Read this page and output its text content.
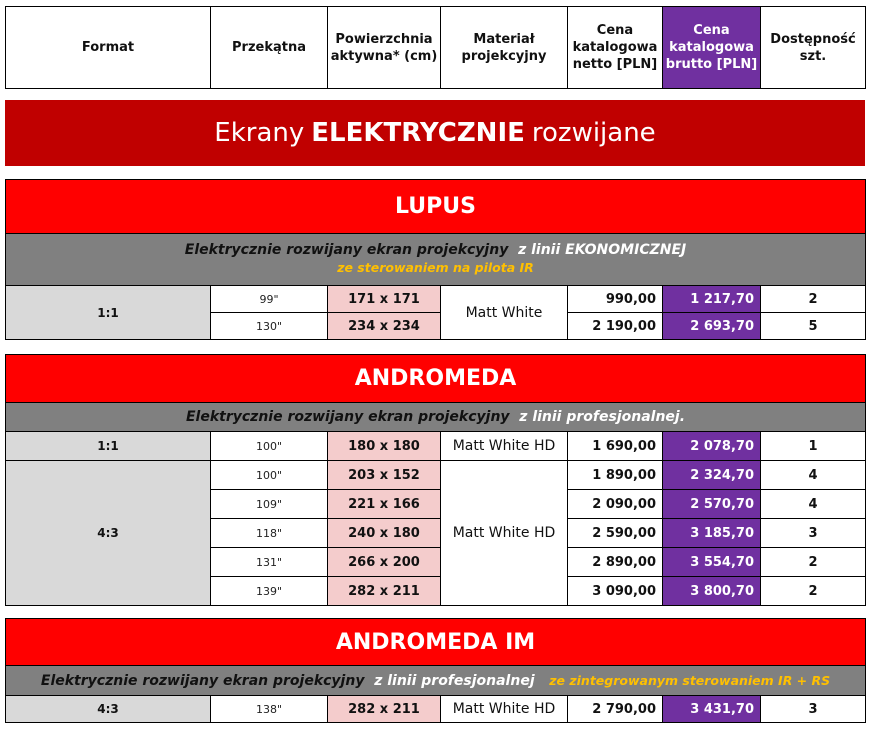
Format	Przekątna	Powierzchnia aktywna* (cm)	Materiał projekcyjny	Cena katalogowa netto [PLN]	Cena katalogowa brutto [PLN]	Dostępność szt.
Ekrany ELEKTRYCZNIE rozwijane
LUPUS						
Elektrycznie rozwijany ekran projekcyjny z linii EKONOMICZNEJ
ze sterowaniem na pilota IR						
1:1	99"	171 x 171	Matt White	990,00	1 217,70	2
	130"	234 x 234		2 190,00	2 693,70	5
ANDROMEDA						
Elektrycznie rozwijany ekran projekcyjny z linii profesjonalnej.						
1:1	100"	180 x 180	Matt White HD	1 690,00	2 078,70	1
4:3	100"	203 x 152	Matt White HD	1 890,00	2 324,70	4
	109"	221 x 166		2 090,00	2 570,70	4
	118"	240 x 180		2 590,00	3 185,70	3
	131"	266 x 200		2 890,00	3 554,70	2
	139"	282 x 211		3 090,00	3 800,70	2
ANDROMEDA IM
Elektrycznie rozwijany ekran projekcyjny z linii profesjonalnej ze zintegrowanym sterowaniem IR + RS
4:3	138"	282 x 211	Matt White HD	2 790,00	3 431,70	3
